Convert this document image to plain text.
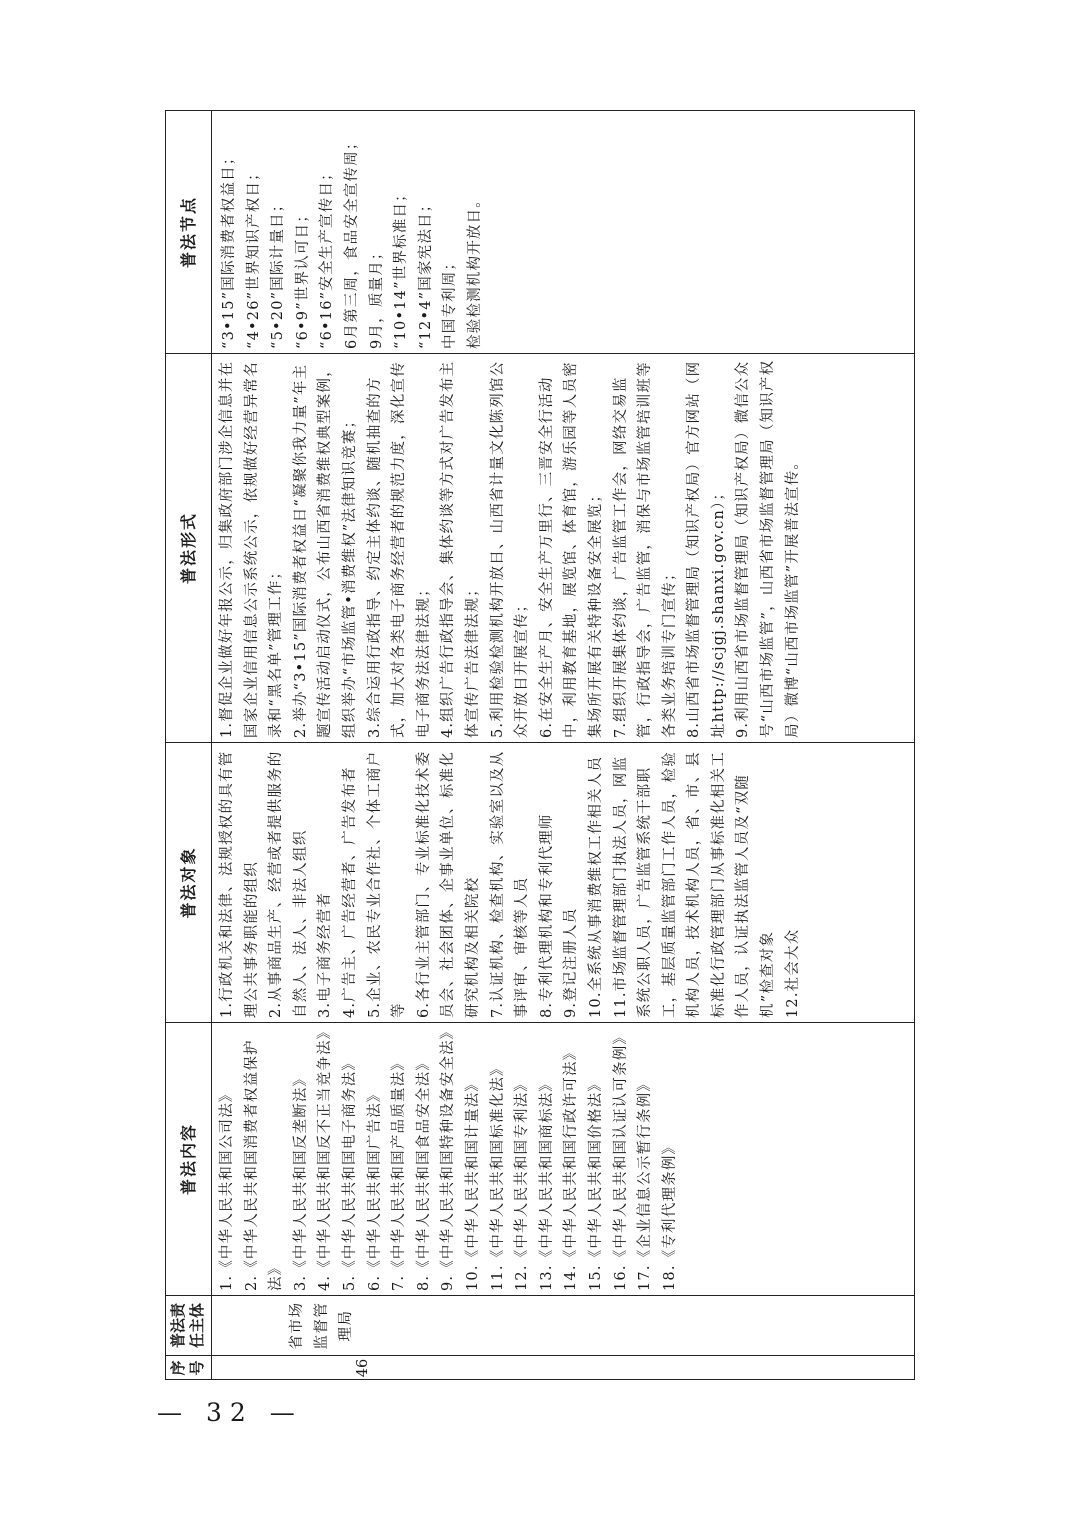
序号	46
普法责任主体	省市场监督管理局
普法内容	1.《中华人民共和国公司法》 2.《中华人民共和国消费者权益保护法》 3.《中华人民共和国反垄断法》 4.《中华人民共和国反不正当竞争法》 5.《中华人民共和国电子商务法》 6.《中华人民共和国广告法》 7.《中华人民共和国产品质量法》 8.《中华人民共和国食品安全法》 9.《中华人民共和国特种设备安全法》 10.《中华人民共和国计量法》 11.《中华人民共和国标准化法》 12.《中华人民共和国专利法》 13.《中华人民共和国商标法》 14.《中华人民共和国行政许可法》 15.《中华人民共和国价格法》 16.《中华人民共和国认证认可条例》 17.《企业信息公示暂行条例》 18.《专利代理条例》
普法对象	1.行政机关和法律、法规授权的具有管理公共事务职能的组织 2.从事商品生产、经营或者提供服务的自然人、法人、非法人组织 3.电子商务经营者 4.广告主、广告经营者、广告发布者 5.企业、农民专业合作社、个体工商户等 6.各行业主管部门、专业标准化技术委员会、社会团体、企事业单位、标准化研究机构及相关院校 7.认证机构、检查机构、实验室以及从事评审、审核等人员 8.专利代理机构和专利代理师 9.登记注册人员 10.全系统从事消费维权工作相关人员 11.市场监督管理部门执法人员，网监系统公职人员，广告监管系统干部职工，基层质量监管部门工作人员，检验机构人员，技术机构人员，省、市、县标准化行政管理部门从事标准化相关工作人员，认证执法监管人员及“双随机”检查对象 12.社会大众
普法形式	1.督促企业做好年报公示，归集政府部门涉企信息并在国家企业信用信息公示系统公示，依规做好经营异常名录和“黑名单”管理工作； 2.举办“3•15”国际消费者权益日“凝聚你我力量”年主题宣传活动启动仪式，公布山西省消费维权典型案例，组织举办“市场监管•消费维权”法律知识竞赛； 3.综合运用行政指导、约定主体约谈、随机抽查的方式，加大对各类电子商务经营者的规范力度，深化宣传电子商务法法律法规； 4.组织广告行政指导会、集体约谈等方式对广告发布主体宣传广告法律法规； 5.利用检验检测机构开放日、山西省计量文化陈列馆公众开放日开展宣传； 6.在安全生产月、安全生产万里行、三晋安全行活动中，利用教育基地，展览馆、体育馆，游乐园等人员密集场所开展有关特种设备安全展览； 7.组织开展集体约谈，广告监管工作会，网络交易监管，行政指导会，广告监管，消保与市场监管培训班等各类业务培训专门宣传； 8.山西省市场监督管理局（知识产权局）官方网站（网址http://scjgj.shanxi.gov.cn）； 9.利用山西省市场监督管理局（知识产权局）微信公众号“山西市场监管”，山西省市场监督管理局（知识产权局）微博“山西市场监管”开展普法宣传。
普法节点	“3•15”国际消费者权益日； “4•26”世界知识产权日； “5•20”国际计量日； “6•9”世界认可日； “6•16”安全生产宣传日； 6月第三周，食品安全宣传周； 9月，质量月； “10•14”世界标准日； “12•4”国家宪法日； 中国专利周； 检验检测机构开放日。
— 32 —
